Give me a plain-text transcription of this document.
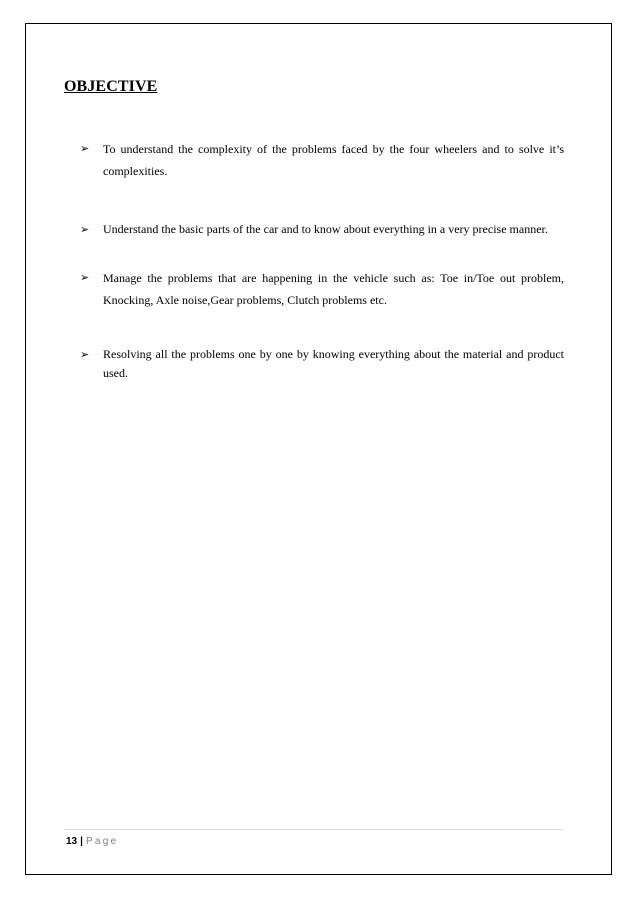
OBJECTIVE
➢ To understand the complexity of the problems faced by the four wheelers and to solve it’s complexities.
➢ Understand the basic parts of the car and to know about everything in a very precise manner.
➢ Manage the problems that are happening in the vehicle such as: Toe in/Toe out problem, Knocking, Axle noise,Gear problems, Clutch problems etc.
➢ Resolving all the problems one by one by knowing everything about the material and product used.
13 | Page
